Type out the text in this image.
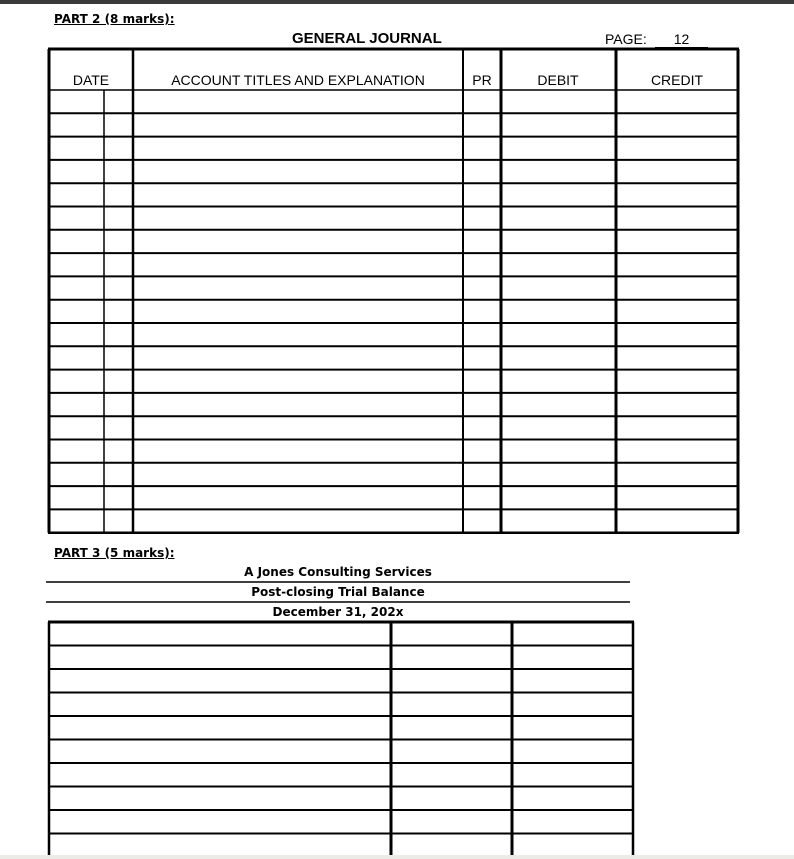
PART 2 (8 marks):
GENERAL JOURNAL	PAGE:	12
DATE	ACCOUNT TITLES AND EXPLANATION	PR	DEBIT	CREDIT
PART 3 (5 marks):
A Jones Consulting Services
Post-closing Trial Balance
December 31, 202x
